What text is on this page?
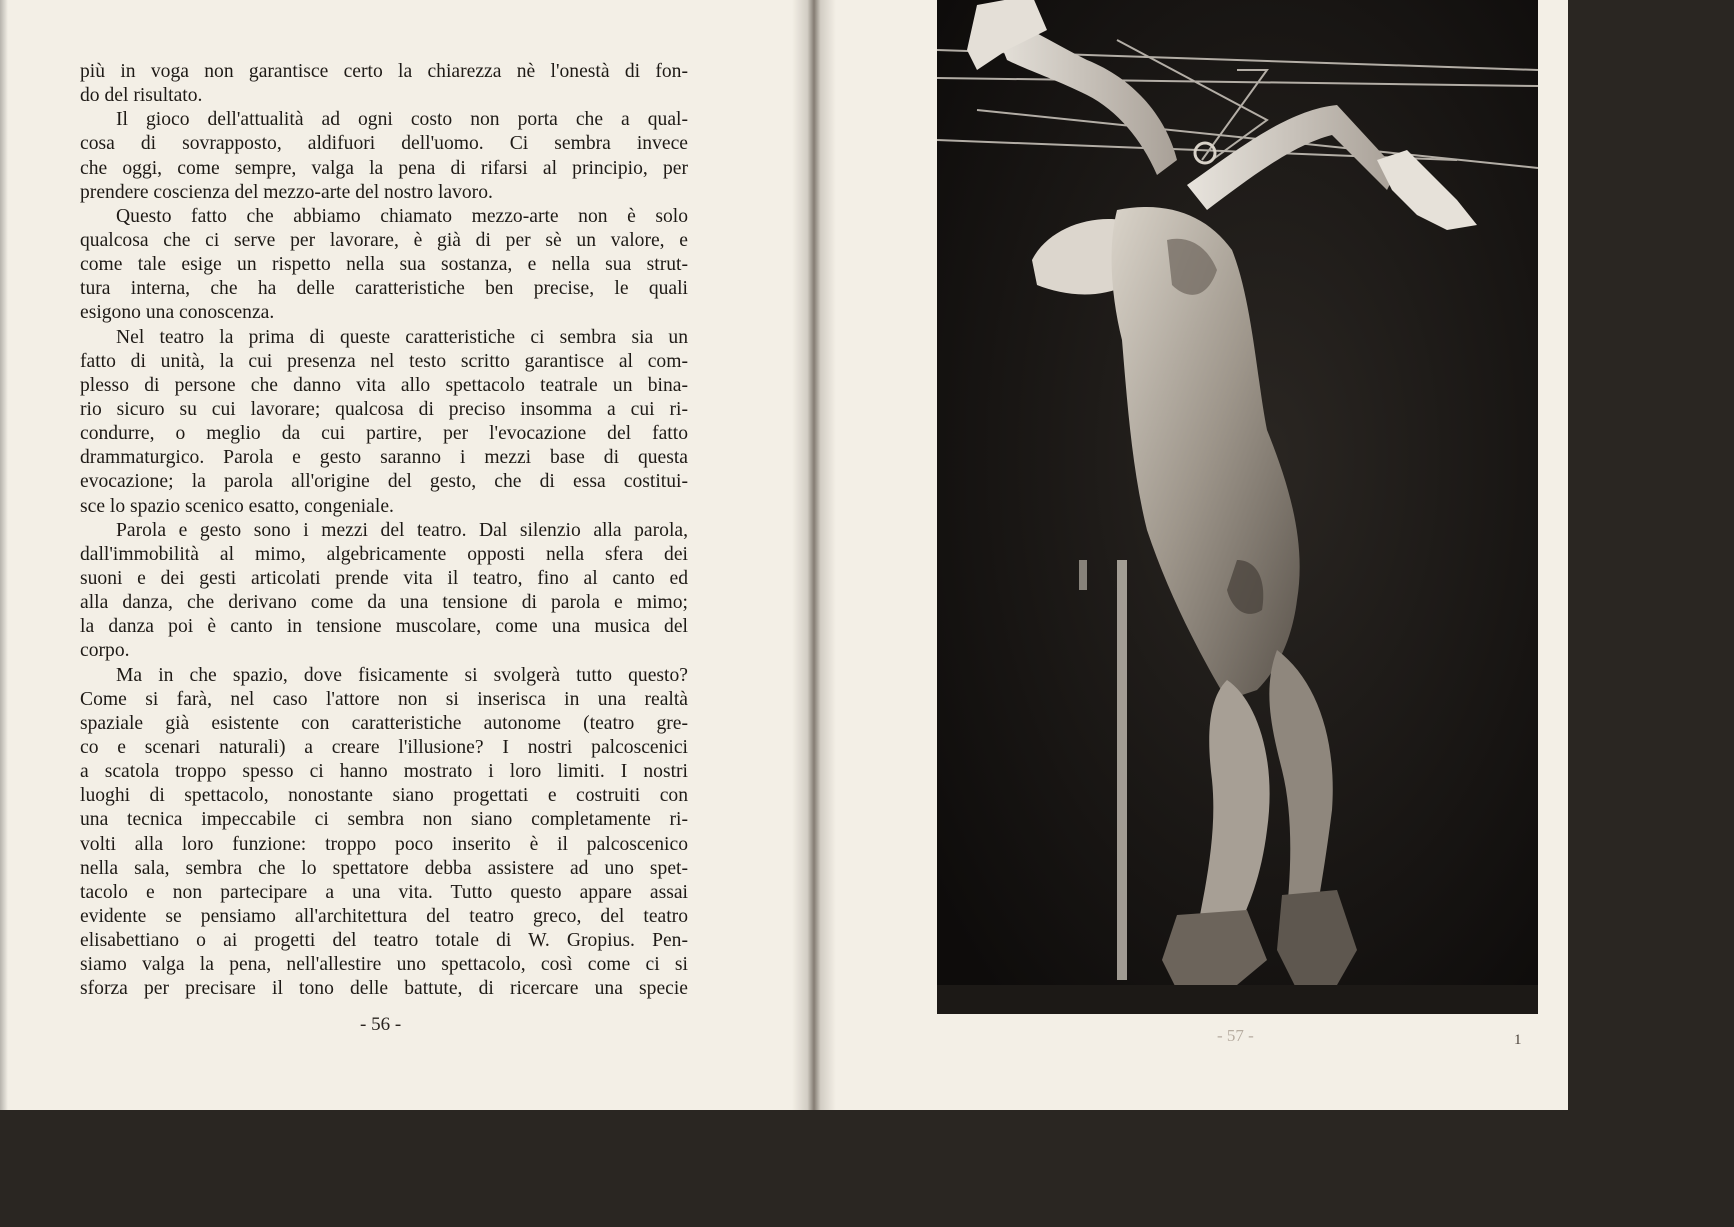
più in voga non garantisce certo la chiarezza nè l'onestà di fon-
do del risultato.
Il gioco dell'attualità ad ogni costo non porta che a qual-
cosa di sovrapposto, aldifuori dell'uomo. Ci sembra invece
che oggi, come sempre, valga la pena di rifarsi al principio, per
prendere coscienza del mezzo-arte del nostro lavoro.
Questo fatto che abbiamo chiamato mezzo-arte non è solo
qualcosa che ci serve per lavorare, è già di per sè un valore, e
come tale esige un rispetto nella sua sostanza, e nella sua strut-
tura interna, che ha delle caratteristiche ben precise, le quali
esigono una conoscenza.
Nel teatro la prima di queste caratteristiche ci sembra sia un
fatto di unità, la cui presenza nel testo scritto garantisce al com-
plesso di persone che danno vita allo spettacolo teatrale un bina-
rio sicuro su cui lavorare; qualcosa di preciso insomma a cui ri-
condurre, o meglio da cui partire, per l'evocazione del fatto
drammaturgico. Parola e gesto saranno i mezzi base di questa
evocazione; la parola all'origine del gesto, che di essa costitui-
sce lo spazio scenico esatto, congeniale.
Parola e gesto sono i mezzi del teatro. Dal silenzio alla parola,
dall'immobilità al mimo, algebricamente opposti nella sfera dei
suoni e dei gesti articolati prende vita il teatro, fino al canto ed
alla danza, che derivano come da una tensione di parola e mimo;
la danza poi è canto in tensione muscolare, come una musica del
corpo.
Ma in che spazio, dove fisicamente si svolgerà tutto questo?
Come si farà, nel caso l'attore non si inserisca in una realtà
spaziale già esistente con caratteristiche autonome (teatro gre-
co e scenari naturali) a creare l'illusione? I nostri palcoscenici
a scatola troppo spesso ci hanno mostrato i loro limiti. I nostri
luoghi di spettacolo, nonostante siano progettati e costruiti con
una tecnica impeccabile ci sembra non siano completamente ri-
volti alla loro funzione: troppo poco inserito è il palcoscenico
nella sala, sembra che lo spettatore debba assistere ad uno spet-
tacolo e non partecipare a una vita. Tutto questo appare assai
evidente se pensiamo all'architettura del teatro greco, del teatro
elisabettiano o ai progetti del teatro totale di W. Gropius. Pen-
siamo valga la pena, nell'allestire uno spettacolo, così come ci si
sforza per precisare il tono delle battute, di ricercare una specie
- 56 -
- 57 -	1
